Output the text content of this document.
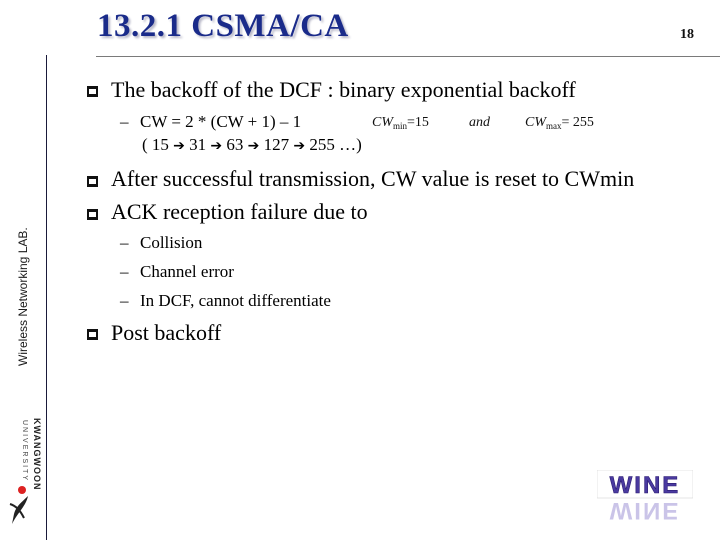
13.2.1 CSMA/CA	18
Wireless Networking LAB.
The backoff of the DCF : binary exponential backoff
– CW = 2 * (CW + 1) – 1	$CW_{min}=15$	and	$CW_{max}= 255$
( 15 ➔ 31 ➔ 63 ➔ 127 ➔ 255 …)
After successful transmission, CW value is reset to CWmin
ACK reception failure due to
– Collision
– Channel error
– In DCF, cannot differentiate
Post backoff
KWANGWOON
UNIVERSITY
WINE
WINE
